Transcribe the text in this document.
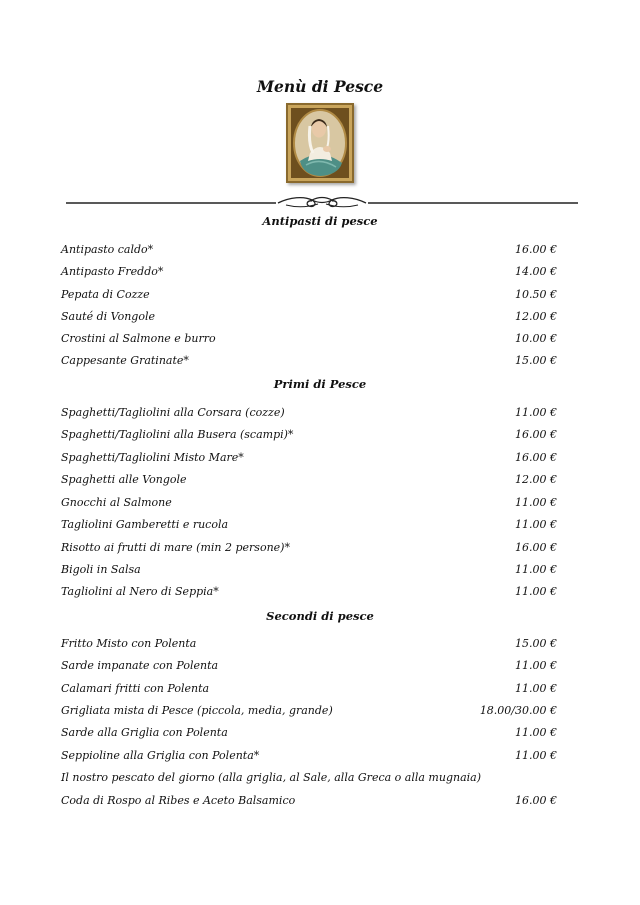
Menù di Pesce
Antipasti di pesce
Antipasto caldo*	16.00 €
Antipasto Freddo*	14.00 €
Pepata di Cozze	10.50 €
Sauté di Vongole	12.00 €
Crostini al Salmone e burro	10.00 €
Cappesante Gratinate*	15.00 €
Primi di Pesce
Spaghetti/Tagliolini alla Corsara (cozze)	11.00 €
Spaghetti/Tagliolini alla Busera (scampi)*	16.00 €
Spaghetti/Tagliolini Misto Mare*	16.00 €
Spaghetti alle Vongole	12.00 €
Gnocchi al Salmone	11.00 €
Tagliolini Gamberetti e rucola	11.00 €
Risotto ai frutti di mare (min 2 persone)*	16.00 €
Bigoli in Salsa	11.00 €
Tagliolini al Nero di Seppia*	11.00 €
Secondi di pesce
Fritto Misto con Polenta	15.00 €
Sarde impanate con Polenta	11.00 €
Calamari fritti con Polenta	11.00 €
Grigliata mista di Pesce (piccola, media, grande)	18.00/30.00 €
Sarde alla Griglia con Polenta	11.00 €
Seppioline alla Griglia con Polenta*	11.00 €
Il nostro pescato del giorno (alla griglia, al Sale, alla Greca o alla mugnaia)
Coda di Rospo al Ribes e Aceto Balsamico	16.00 €
